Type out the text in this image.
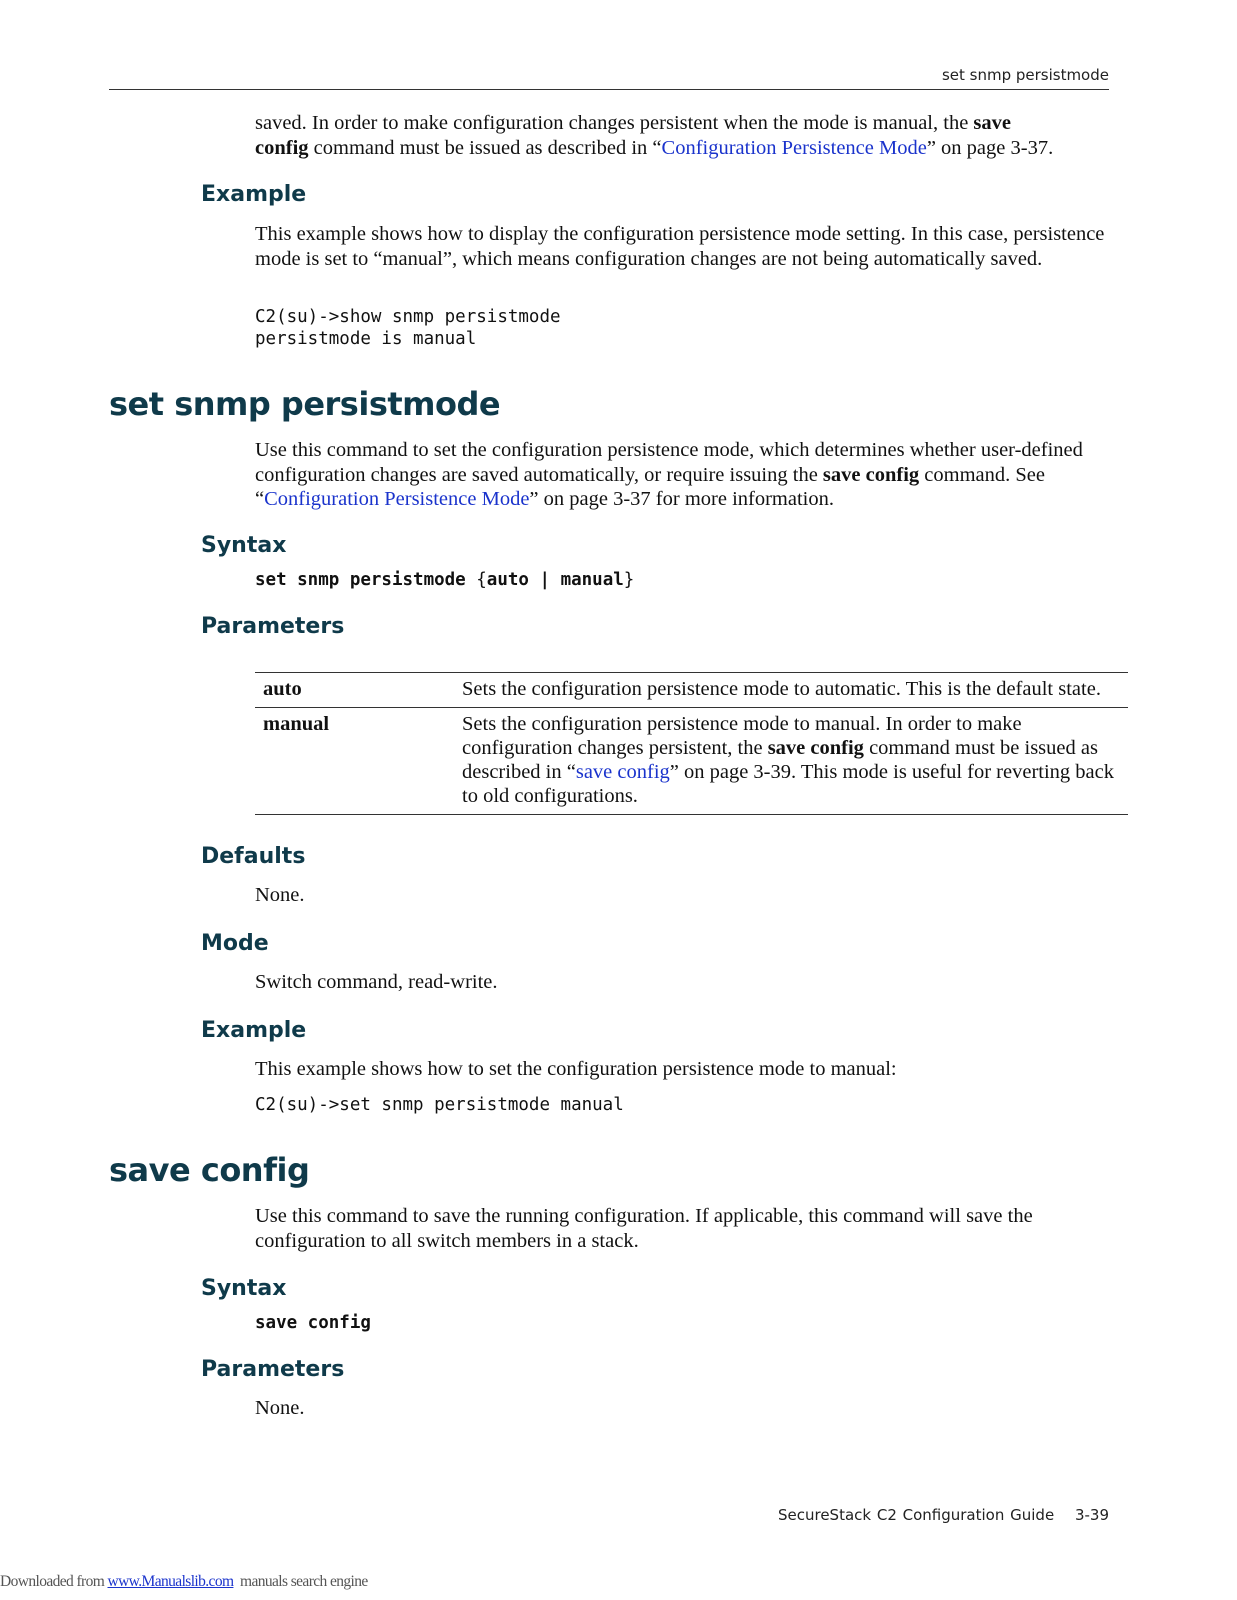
set snmp persistmode
saved. In order to make configuration changes persistent when the mode is manual, the save
config command must be issued as described in “Configuration Persistence Mode” on page 3-37.
Example
This example shows how to display the configuration persistence mode setting. In this case, persistence mode is set to “manual”, which means configuration changes are not being automatically saved.
C2(su)->show snmp persistmode
persistmode is manual
set snmp persistmode
Use this command to set the configuration persistence mode, which determines whether user-defined configuration changes are saved automatically, or require issuing the save config command. See “Configuration Persistence Mode” on page 3-37 for more information.
Syntax
set snmp persistmode {auto | manual}
Parameters
auto	Sets the configuration persistence mode to automatic. This is the default state.
manual	Sets the configuration persistence mode to manual. In order to make configuration changes persistent, the save config command must be issued as described in “save config” on page 3-39. This mode is useful for reverting back to old configurations.
Defaults
None.
Mode
Switch command, read-write.
Example
This example shows how to set the configuration persistence mode to manual:
C2(su)->set snmp persistmode manual
save config
Use this command to save the running configuration. If applicable, this command will save the configuration to all switch members in a stack.
Syntax
save config
Parameters
None.
SecureStack C2 Configuration Guide  3-39
Downloaded from www.Manualslib.com  manuals search engine
